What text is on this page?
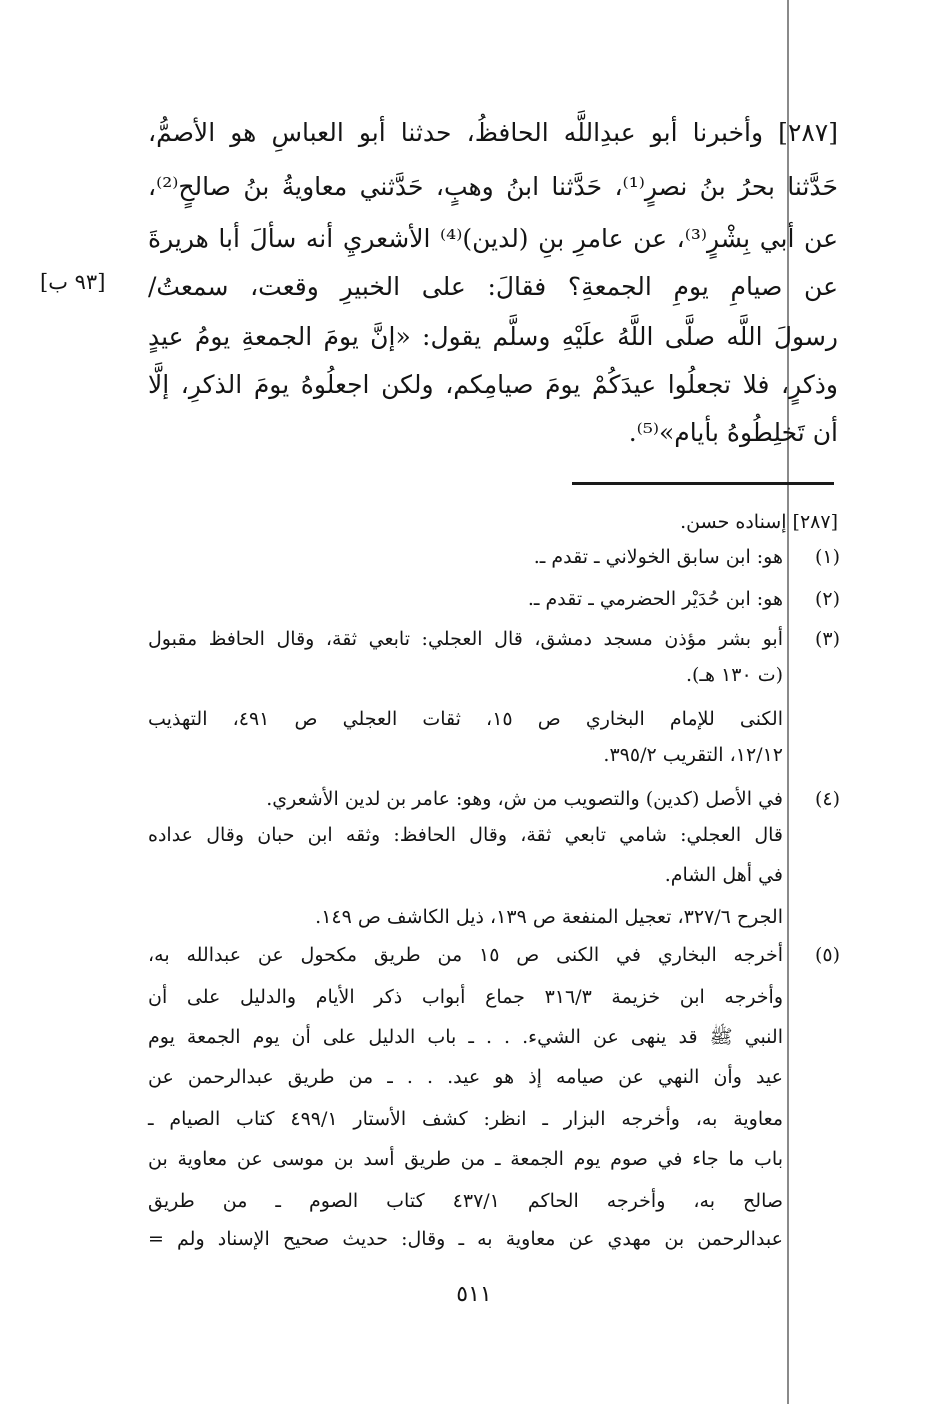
[٢٨٧] وأخبرنا أبو عبدِاللَّه الحافظُ، حدثنا أبو العباسِ هو الأصمُّ،
حَدَّثنا بحرُ بنُ نصرٍ⁽¹⁾، حَدَّثنا ابنُ وهبٍ، حَدَّثني معاويةُ بنُ صالحٍ⁽²⁾،
عن أبي بِشْرٍ⁽³⁾، عن عامرِ بنِ (لدين)⁽⁴⁾ الأشعريِ أنه سألَ أبا هريرةَ
عن صيامِ يومِ الجمعةِ؟ فقالَ: على الخبيرِ وقعت، سمعتُ/
رسولَ اللَّه صلَّى اللَّهُ علَيْهِ وسلَّم يقول: «إنَّ يومَ الجمعةِ يومُ عيدٍ
وذكرٍ، فلا تجعلُوا عيدَكُمْ يومَ صيامِكم، ولكن اجعلُوهُ يومَ الذكرِ، إلَّا
أن تَخلِطُوهُ بأيام»⁽⁵⁾.
[٩٣ ب]
[٢٨٧] إسناده حسن.
(١)
هو: ابن سابق الخولاني ـ تقدم ـ.
(٢)
هو: ابن حُدَيْر الحضرمي ـ تقدم ـ.
(٣)
أبو بشر مؤذن مسجد دمشق، قال العجلي: تابعي ثقة، وقال الحافظ مقبول
(ت ١٣٠ هـ).
الكنى للإمام البخاري ص ١٥، ثقات العجلي ص ٤٩١، التهذيب
١٢/١٢، التقريب ٣٩٥/٢.
(٤)
في الأصل (كدين) والتصويب من ش، وهو: عامر بن لدين الأشعري.
قال العجلي: شامي تابعي ثقة، وقال الحافظ: وثقه ابن حبان وقال عداده
في أهل الشام.
الجرح ٣٢٧/٦، تعجيل المنفعة ص ١٣٩، ذيل الكاشف ص ١٤٩.
(٥)
أخرجه البخاري في الكنى ص ١٥ من طريق مكحول عن عبدالله به،
وأخرجه ابن خزيمة ٣١٦/٣ جماع أبواب ذكر الأيام والدليل على أن
النبي ﷺ قد ينهى عن الشيء. . . ـ باب الدليل على أن يوم الجمعة يوم
عيد وأن النهي عن صيامه إذ هو عيد. . . ـ من طريق عبدالرحمن عن
معاوية به، وأخرجه البزار ـ انظر: كشف الأستار ٤٩٩/١ كتاب الصيام ـ
باب ما جاء في صوم يوم الجمعة ـ من طريق أسد بن موسى عن معاوية بن
صالح به، وأخرجه الحاكم ٤٣٧/١ كتاب الصوم ـ من طريق
عبدالرحمن بن مهدي عن معاوية به ـ وقال: حديث صحيح الإسناد ولم =
٥١١
